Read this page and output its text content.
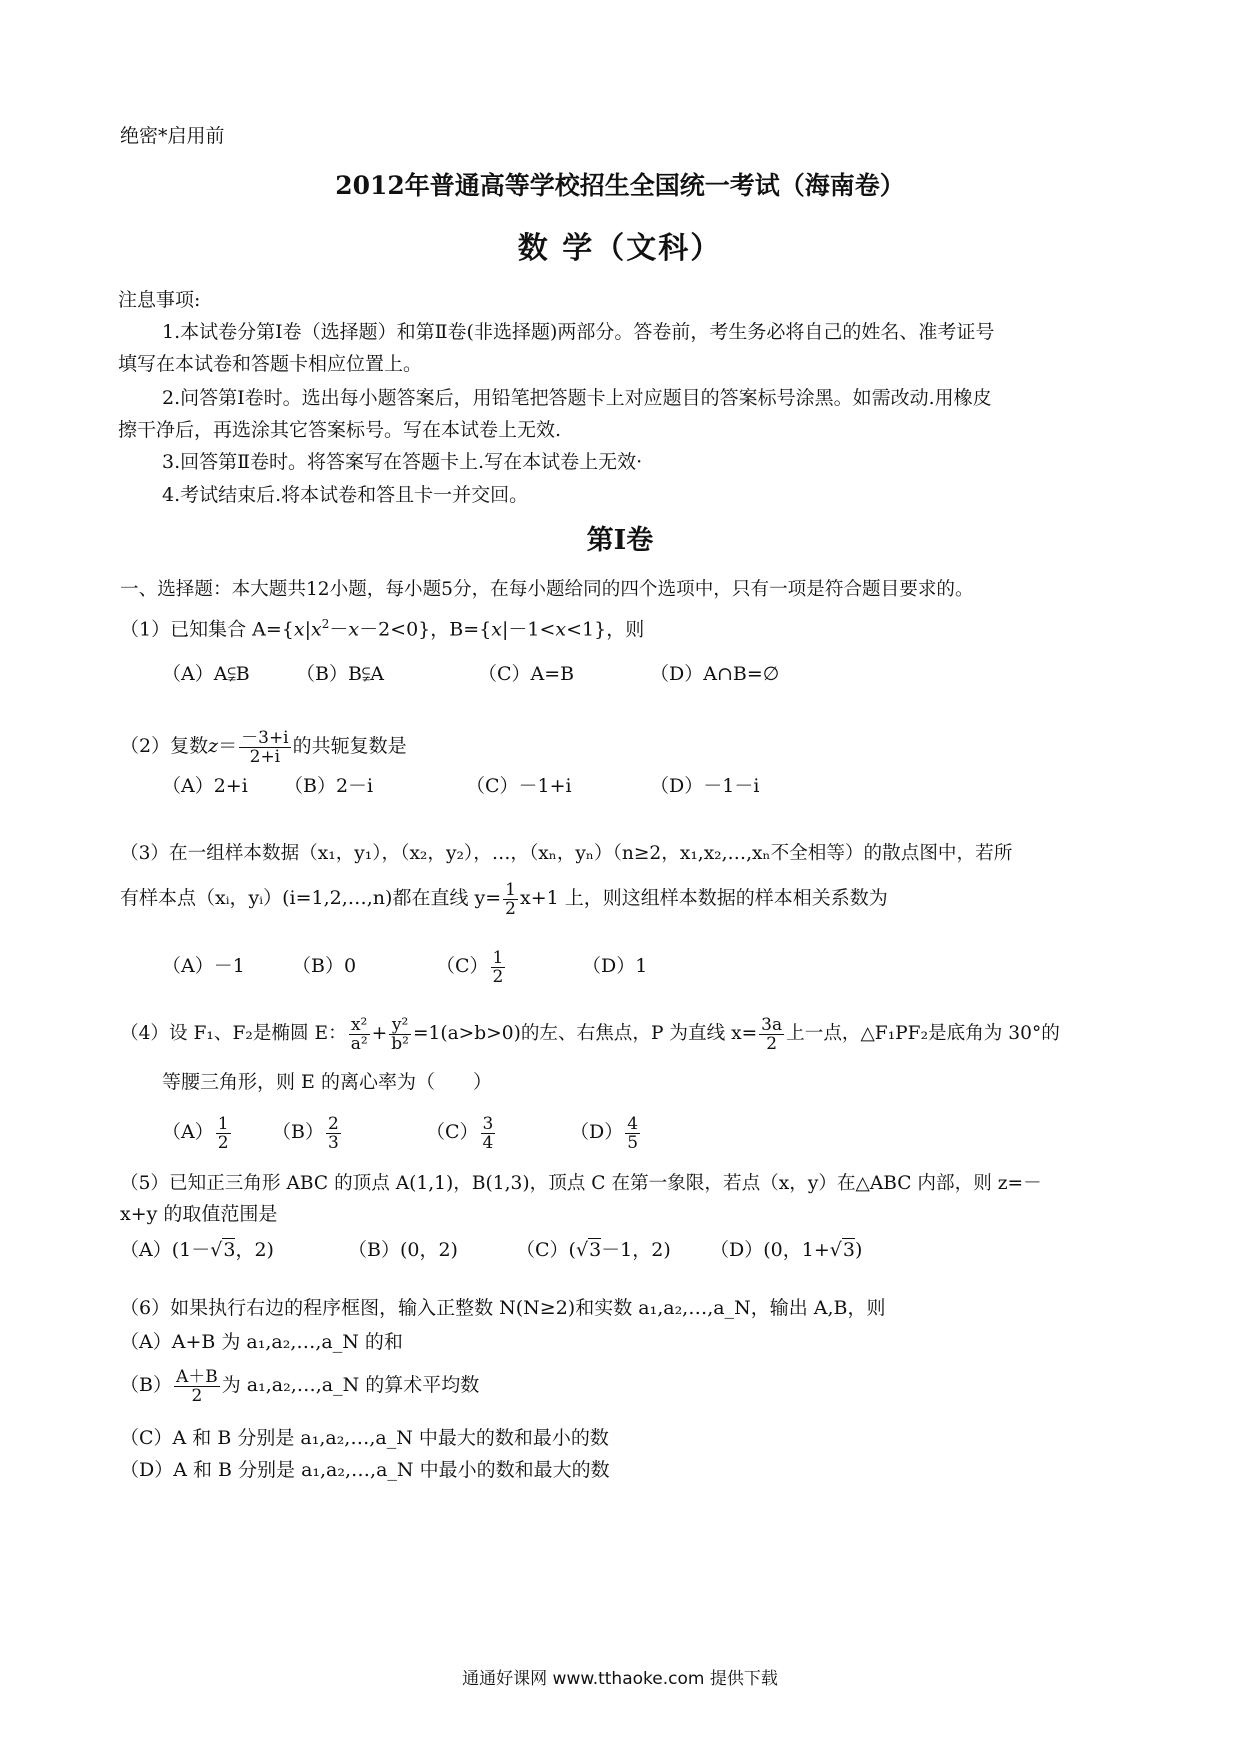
绝密*启用前
2012年普通高等学校招生全国统一考试（海南卷）
数 学（文科）
注息事项:
1.本试卷分第Ⅰ卷（选择题）和第Ⅱ卷(非选择题)两部分。答卷前，考生务必将自己的姓名、准考证号
填写在本试卷和答题卡相应位置上。
2.问答第Ⅰ卷时。选出每小题答案后，用铅笔把答题卡上对应题目的答案标号涂黑。如需改动.用橡皮
擦干净后，再选涂其它答案标号。写在本试卷上无效.
3.回答第Ⅱ卷时。将答案写在答题卡上.写在本试卷上无效·
4.考试结束后.将本试卷和答且卡一并交回。
第Ⅰ卷
一、选择题：本大题共12小题，每小题5分，在每小题给同的四个选项中，只有一项是符合题目要求的。
（1）已知集合 $A=\{x|x^2-x-2<0\}$，B={x|－1<x<1}，则
（A）A⫋B （B）B⫋A	（C）A=B	（D）A∩B=∅
（2）复数$z= \frac{-3+i}{2+i}$ 的共轭复数是
（A）2+i （B）2－i	（C）－1+i	（D）－1－i
（3）在一组样本数据（x₁，y₁），（x₂，y₂），…，（xₙ，yₙ）（n≥2，x₁,x₂,…,xₙ不全相等）的散点图中，若所
有样本点（xᵢ，yᵢ）(i=1,2,…,n)都在直线 $y= \frac{1}{2} x+1$ 上，则这组样本数据的样本相关系数为
（A）－1 （B）0	$(C) \frac{1}{2}$	（D）1
（4）设 F₁、F₂是椭圆 E： $\frac{\text{x²}}{\text{a²}} + \frac{\text{y²}}{\text{b²}} =1(a>b>0)$的左、右焦点，P 为直线 $x= \frac{3a}{2}$ 上一点，△F₁PF₂是底角为 30°的
等腰三角形，则 E 的离心率为（　　）
$(A) \frac{1}{2} (B) \frac{2}{3}$	$(C) \frac{3}{4}$	$(D) \frac{4}{5}$
（5）已知正三角形 ABC 的顶点 A(1,1)，B(1,3)，顶点 C 在第一象限，若点（x，y）在△ABC 内部，则 z=－
x+y 的取值范围是
（A）(1－√3，2)	（B）(0，2)	（C）(√3－1，2) （D）(0，1+√3)
（6）如果执行右边的程序框图，输入正整数 N(N≥2)和实数 a₁,a₂,…,a_N，输出 A,B，则
（A）A+B 为 a₁,a₂,…,a_N 的和
$(B) \frac{A+B}{2}$ 为 a₁,a₂,…,a_N 的算术平均数
（C）A 和 B 分别是 a₁,a₂,…,a_N 中最大的数和最小的数
（D）A 和 B 分别是 a₁,a₂,…,a_N 中最小的数和最大的数
通通好课网 www.tthaoke.com 提供下载
